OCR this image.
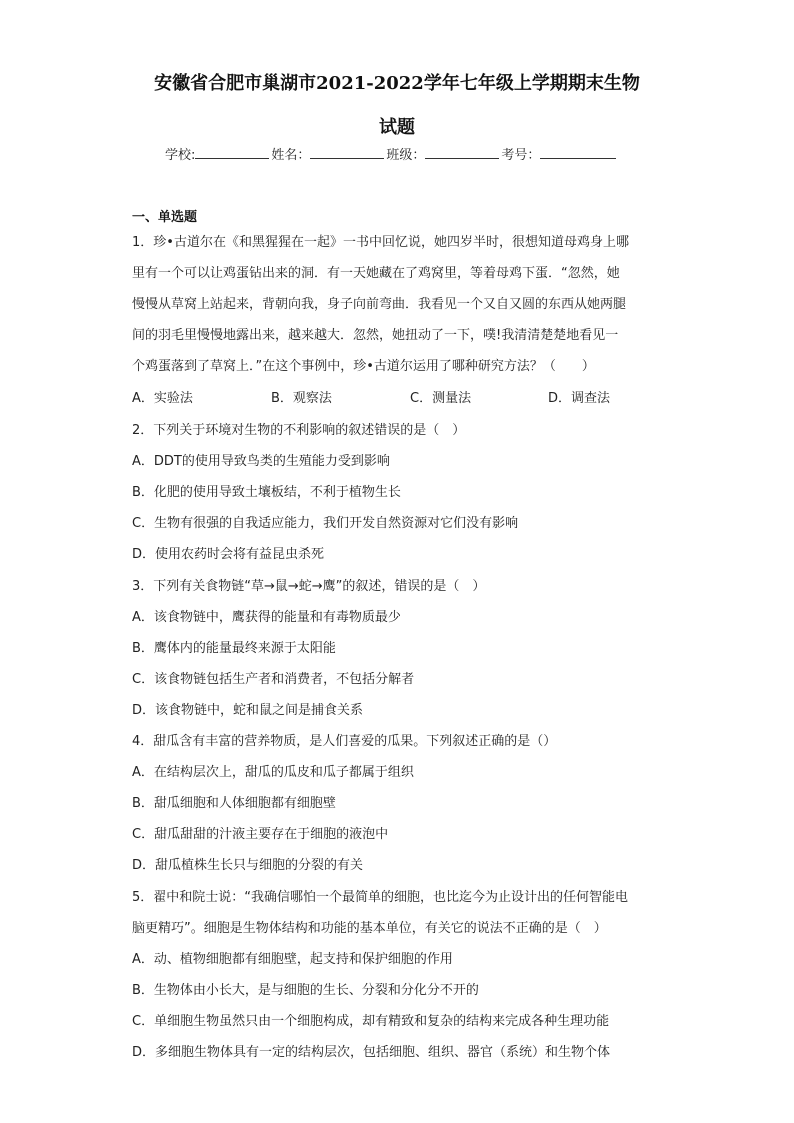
安徽省合肥市巢湖市2021-2022学年七年级上学期期末生物
试题
学校:	姓名：	班级：	考号：
一、单选题

1．珍•古道尔在《和黑猩猩在一起》一书中回忆说，她四岁半时，很想知道母鸡身上哪

里有一个可以让鸡蛋钻出来的洞．有一天她藏在了鸡窝里，等着母鸡下蛋．“忽然，她

慢慢从草窝上站起来，背朝向我，身子向前弯曲．我看见一个又自又圆的东西从她两腿

间的羽毛里慢慢地露出来，越来越大．忽然，她扭动了一下，噗!我清清楚楚地看见一

个鸡蛋落到了草窝上．”在这个事例中，珍•古道尔运用了哪种研究方法？（　　）

A．实验法	B．观察法	C．测量法	D．调查法
2．下列关于环境对生物的不利影响的叙述错误的是（　）
A．DDT的使用导致鸟类的生殖能力受到影响
B．化肥的使用导致土壤板结，不利于植物生长
C．生物有很强的自我适应能力，我们开发自然资源对它们没有影响
D．使用农药时会将有益昆虫杀死
3．下列有关食物链“草→鼠→蛇→鹰”的叙述，错误的是（　）
A．该食物链中，鹰获得的能量和有毒物质最少
B．鹰体内的能量最终来源于太阳能
C．该食物链包括生产者和消费者，不包括分解者
D．该食物链中，蛇和鼠之间是捕食关系
4．甜瓜含有丰富的营养物质，是人们喜爱的瓜果。下列叙述正确的是（）
A．在结构层次上，甜瓜的瓜皮和瓜子都属于组织
B．甜瓜细胞和人体细胞都有细胞壁
C．甜瓜甜甜的汁液主要存在于细胞的液泡中
D．甜瓜植株生长只与细胞的分裂的有关
5．翟中和院士说：“我确信哪怕一个最简单的细胞，也比迄今为止设计出的任何智能电
脑更精巧”。细胞是生物体结构和功能的基本单位，有关它的说法不正确的是（　）
A．动、植物细胞都有细胞壁，起支持和保护细胞的作用
B．生物体由小长大，是与细胞的生长、分裂和分化分不开的
C．单细胞生物虽然只由一个细胞构成，却有精致和复杂的结构来完成各种生理功能
D．多细胞生物体具有一定的结构层次，包括细胞、组织、器官（系统）和生物个体
